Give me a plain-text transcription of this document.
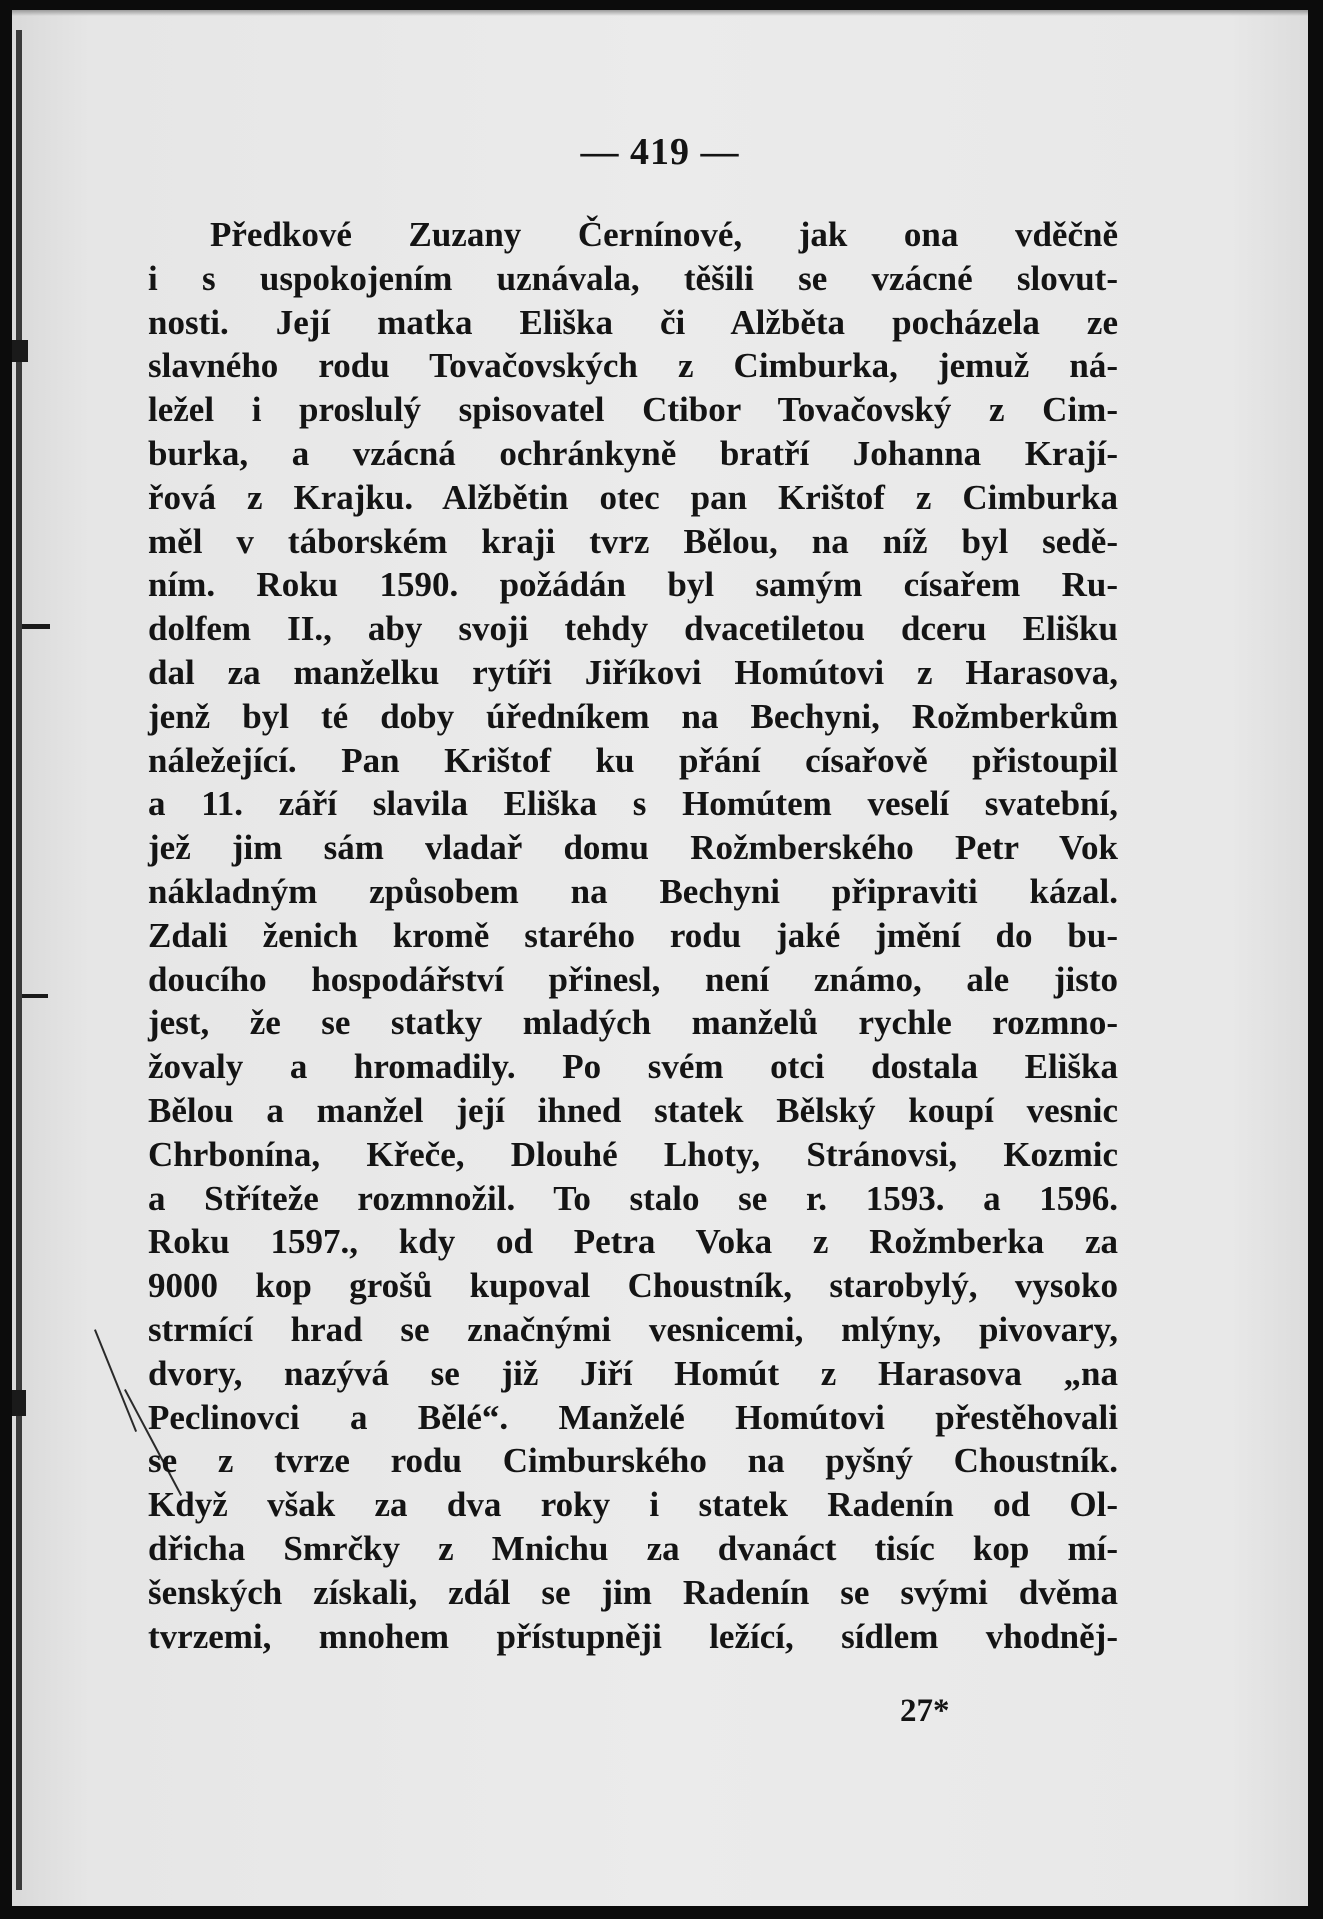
— 419 —
Předkové Zuzany Černínové, jak ona vděčně
i s uspokojením uznávala, těšili se vzácné slovut-
nosti. Její matka Eliška či Alžběta pocházela ze
slavného rodu Tovačovských z Cimburka, jemuž ná-
ležel i proslulý spisovatel Ctibor Tovačovský z Cim-
burka, a vzácná ochránkyně bratří Johanna Krají-
řová z Krajku. Alžbětin otec pan Krištof z Cimburka
měl v táborském kraji tvrz Bělou, na níž byl sedě-
ním. Roku 1590. požádán byl samým císařem Ru-
dolfem II., aby svoji tehdy dvacetiletou dceru Elišku
dal za manželku rytíři Jiříkovi Homútovi z Harasova,
jenž byl té doby úředníkem na Bechyni, Rožmberkům
náležející. Pan Krištof ku přání císařově přistoupil
a 11. září slavila Eliška s Homútem veselí svatební,
jež jim sám vladař domu Rožmberského Petr Vok
nákladným způsobem na Bechyni připraviti kázal.
Zdali ženich kromě starého rodu jaké jmění do bu-
doucího hospodářství přinesl, není známo, ale jisto
jest, že se statky mladých manželů rychle rozmno-
žovaly a hromadily. Po svém otci dostala Eliška
Bělou a manžel její ihned statek Bělský koupí vesnic
Chrbonína, Křeče, Dlouhé Lhoty, Stránovsi, Kozmic
a Stříteže rozmnožil. To stalo se r. 1593. a 1596.
Roku 1597., kdy od Petra Voka z Rožmberka za
9000 kop grošů kupoval Choustník, starobylý, vysoko
strmící hrad se značnými vesnicemi, mlýny, pivovary,
dvory, nazývá se již Jiří Homút z Harasova „na
Peclinovci a Bělé“. Manželé Homútovi přestěhovali
se z tvrze rodu Cimburského na pyšný Choustník.
Když však za dva roky i statek Radenín od Ol-
dřicha Smrčky z Mnichu za dvanáct tisíc kop mí-
šenských získali, zdál se jim Radenín se svými dvěma
tvrzemi, mnohem přístupněji ležící, sídlem vhodněj-
27*
